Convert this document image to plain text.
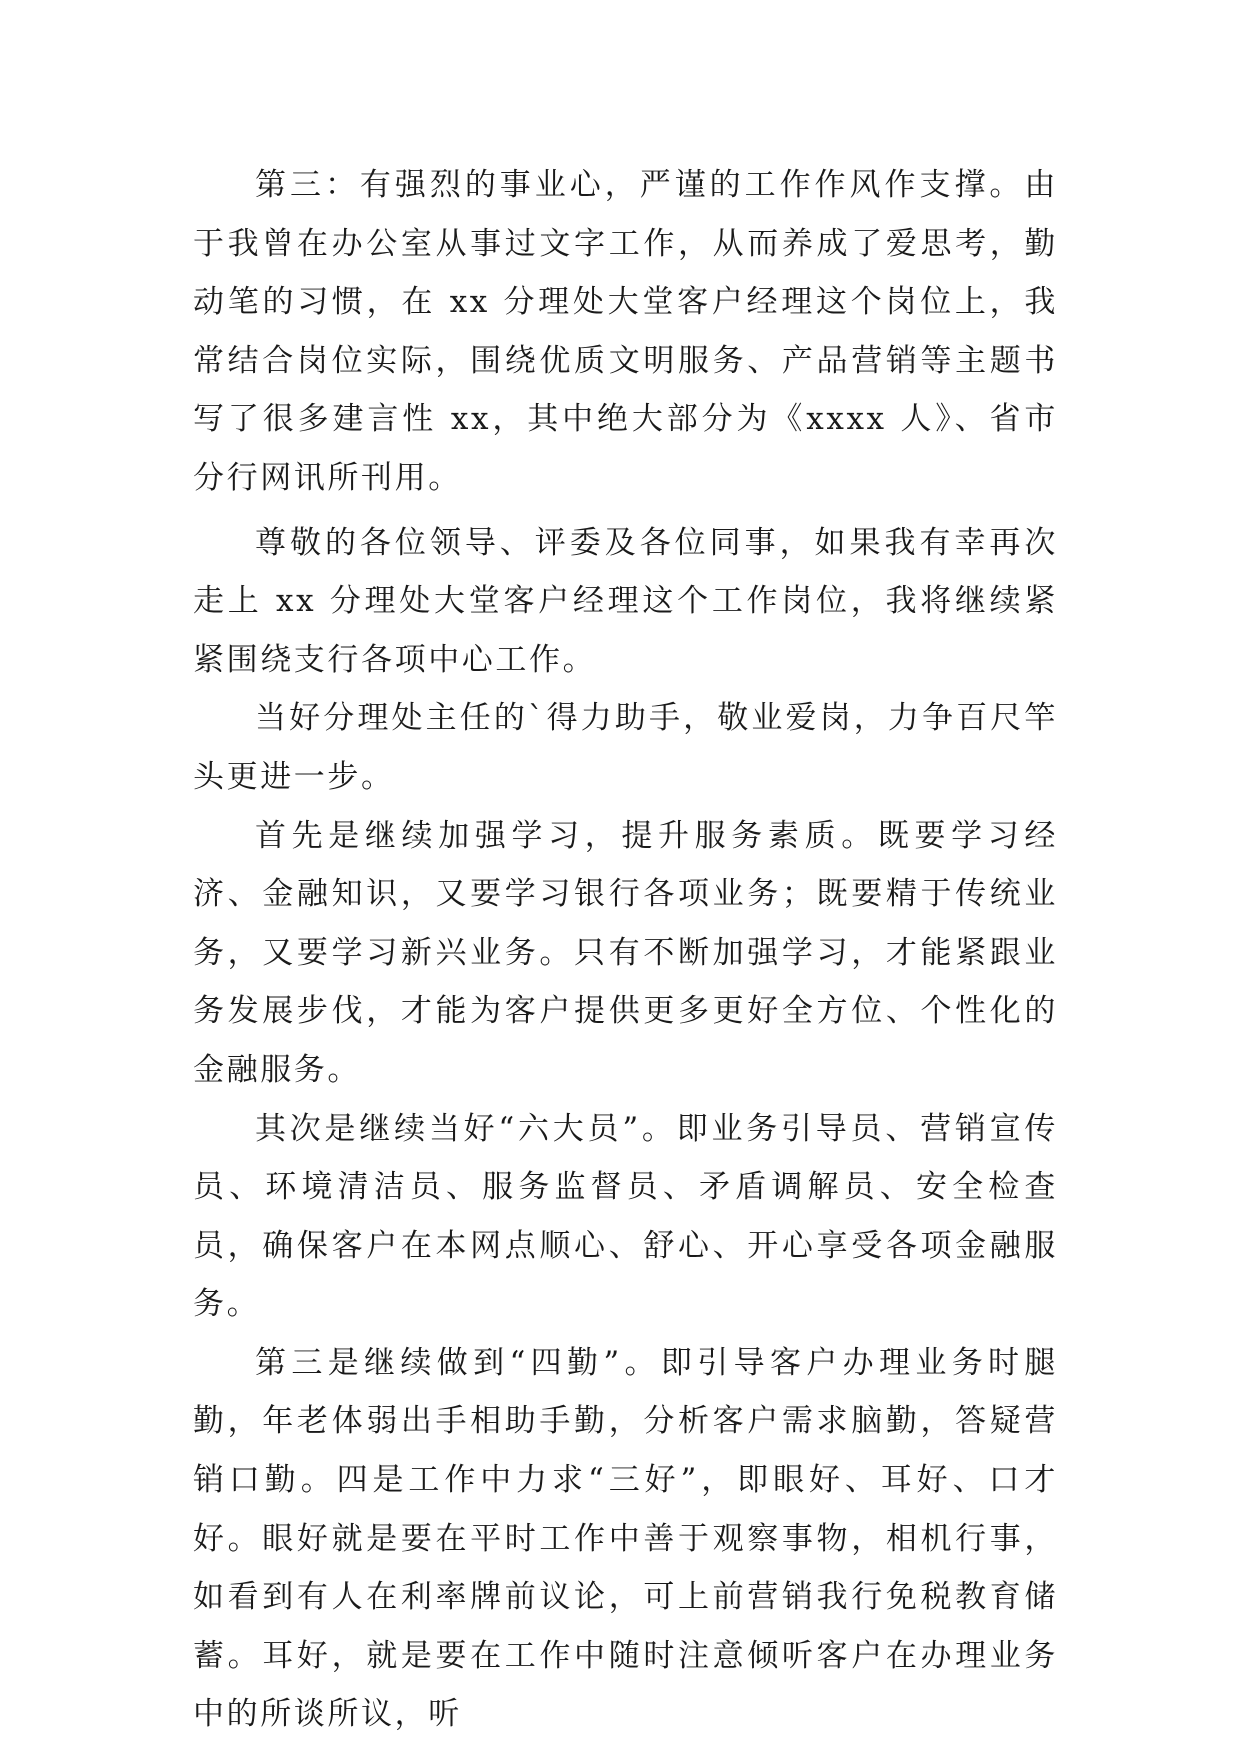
第三：有强烈的事业心，严谨的工作作风作支撑。由于我曾在办公室从事过文字工作，从而养成了爱思考，勤动笔的习惯，在 xx 分理处大堂客户经理这个岗位上，我常结合岗位实际，围绕优质文明服务、产品营销等主题书写了很多建言性 xx，其中绝大部分为《xxxx 人》、省市分行网讯所刊用。

尊敬的各位领导、评委及各位同事，如果我有幸再次走上 xx 分理处大堂客户经理这个工作岗位，我将继续紧紧围绕支行各项中心工作。

当好分理处主任的`得力助手，敬业爱岗，力争百尺竿头更进一步。

首先是继续加强学习，提升服务素质。既要学习经济、金融知识，又要学习银行各项业务；既要精于传统业务，又要学习新兴业务。只有不断加强学习，才能紧跟业务发展步伐，才能为客户提供更多更好全方位、个性化的金融服务。

其次是继续当好“六大员”。即业务引导员、营销宣传员、环境清洁员、服务监督员、矛盾调解员、安全检查员，确保客户在本网点顺心、舒心、开心享受各项金融服务。

第三是继续做到“四勤”。即引导客户办理业务时腿勤，年老体弱出手相助手勤，分析客户需求脑勤，答疑营销口勤。四是工作中力求“三好”，即眼好、耳好、口才好。眼好就是要在平时工作中善于观察事物，相机行事，如看到有人在利率牌前议论，可上前营销我行免税教育储蓄。耳好，就是要在工作中随时注意倾听客户在办理业务中的所谈所议，听
